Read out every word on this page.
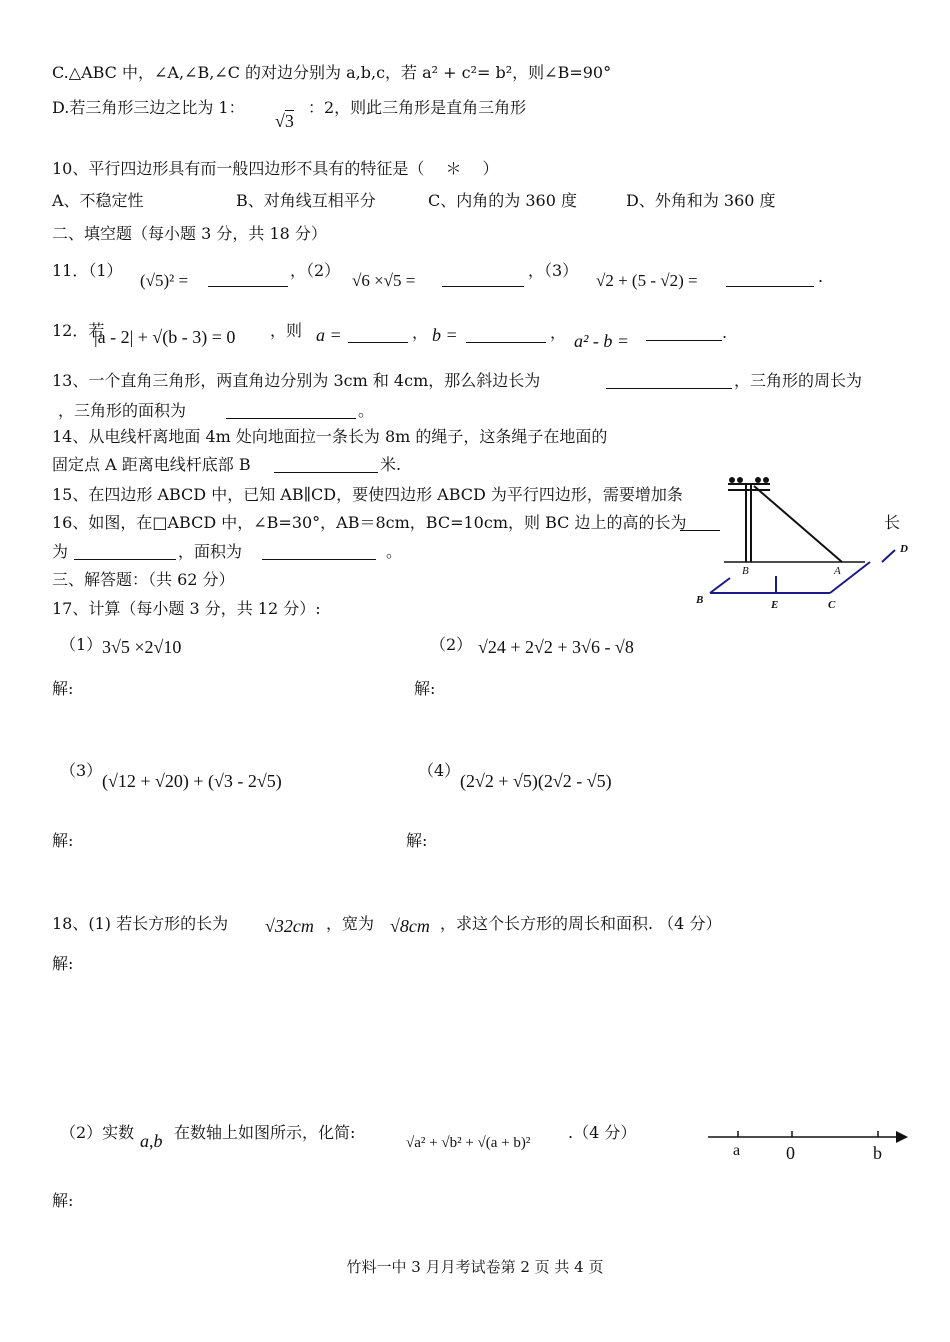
C.△ABC 中，∠A,∠B,∠C 的对边分别为 a,b,c，若 a² + c²= b²，则∠B=90°
D.若三角形三边之比为 1：
√3
：2，则此三角形是直角三角形
10、平行四边形具有而一般四边形不具有的特征是（　 ＊　 ）
A、不稳定性	B、对角线互相平分	C、内角的为 360 度	D、外角和为 360 度
二、填空题（每小题 3 分，共 18 分）
11．（1）
(√5)² =
，（2）
√6 ×√5 =
，（3）
√2 + (5 - √2) =	.
12．若
|a - 2| + √(b - 3) = 0 ，则 a =	， b =	， a² - b =	.
13、一个直角三角形，两直角边分别为 3cm 和 4cm，那么斜边长为	，三角形的周长为
，三角形的面积为	。
14、从电线杆离地面 4m 处向地面拉一条长为 8m 的绳子，这条绳子在地面的
固定点 A 距离电线杆底部 B	米.
15、在四边形 ABCD 中，已知 AB∥CD，要使四边形 ABCD 为平行四边形，需要增加条
16、如图，在□ABCD 中，∠B=30°，AB＝8cm，BC=10cm，则 BC 边上的高的长为	长
为	，面积为	。
三、解答题：（共 62 分）
17、计算（每小题 3 分，共 12 分）:
（1） 3√5 ×2√10	（2） √24 + 2√2 + 3√6 - √8
解:	解:
（3）
(√12 + √20) + (√3 - 2√5)
（4）
(2√2 + √5)(2√2 - √5)
解:	解:
18、(1) 若长方形的长为 √32cm ，宽为 √8cm ，求这个长方形的周长和面积. （4 分）
解:
（2）实数 a,b 在数轴上如图所示，化简:
√a² + √b² + √(a + b)²
.（4 分）
解:
B	A
B	E	C
D
a	0	b
竹料一中 3 月月考试卷第 2 页 共 4 页
